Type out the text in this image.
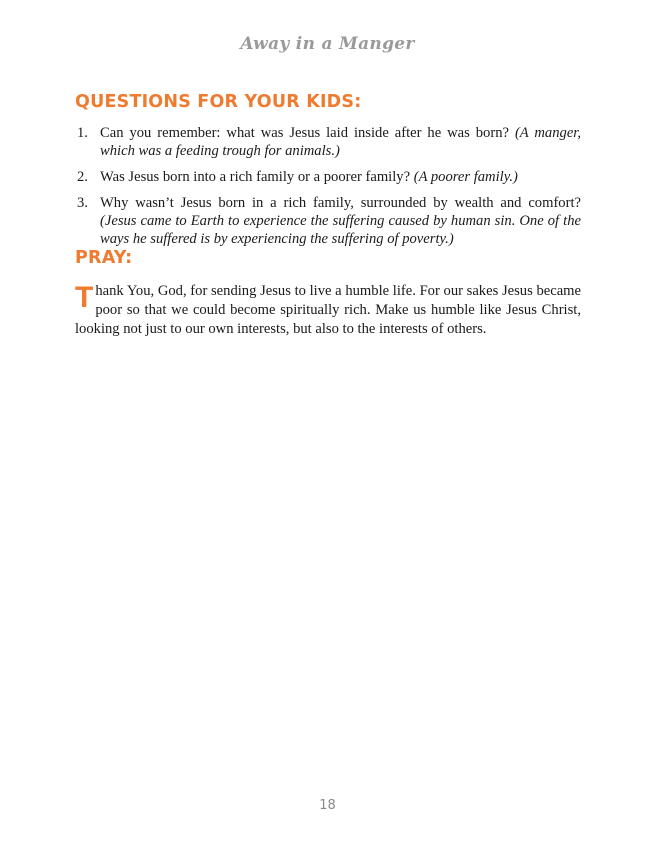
Away in a Manger
QUESTIONS FOR YOUR KIDS:
1. Can you remember: what was Jesus laid inside after he was born? (A manger, which was a feeding trough for animals.)
2. Was Jesus born into a rich family or a poorer family? (A poorer family.)
3. Why wasn’t Jesus born in a rich family, surrounded by wealth and comfort? (Jesus came to Earth to experience the suffering caused by human sin. One of the ways he suffered is by experiencing the suffering of poverty.)
PRAY:

Thank You, God, for sending Jesus to live a humble life. For our sakes Jesus became poor so that we could become spiritually rich. Make us humble like Jesus Christ, looking not just to our own interests, but also to the interests of others.

18
